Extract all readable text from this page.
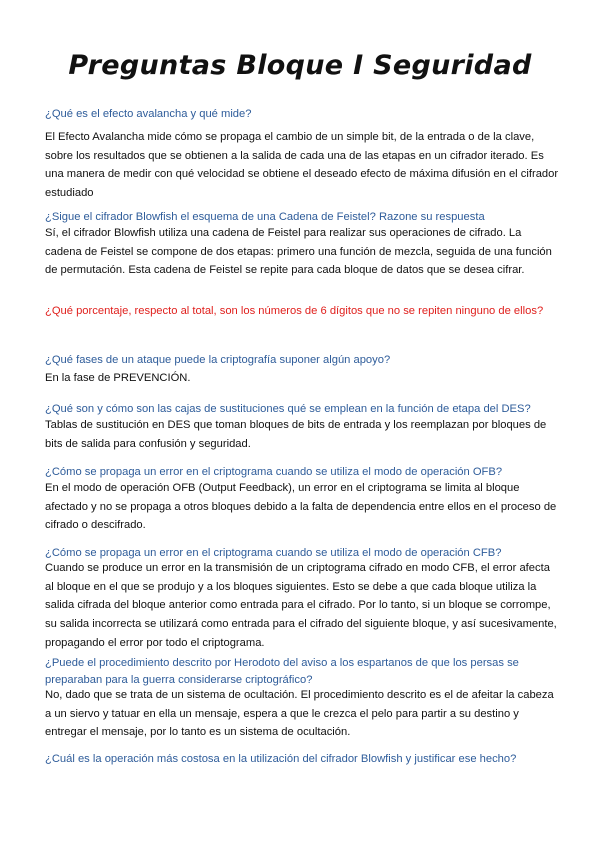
Preguntas Bloque I Seguridad
¿Qué es el efecto avalancha y qué mide?
El Efecto Avalancha mide cómo se propaga el cambio de un simple bit, de la entrada o de la clave, sobre los resultados que se obtienen a la salida de cada una de las etapas en un cifrador iterado. Es una manera de medir con qué velocidad se obtiene el deseado efecto de máxima difusión en el cifrador estudiado
¿Sigue el cifrador Blowfish el esquema de una Cadena de Feistel? Razone su respuesta
Sí, el cifrador Blowfish utiliza una cadena de Feistel para realizar sus operaciones de cifrado. La cadena de Feistel se compone de dos etapas: primero una función de mezcla, seguida de una función de permutación. Esta cadena de Feistel se repite para cada bloque de datos que se desea cifrar.
¿Qué porcentaje, respecto al total, son los números de 6 dígitos que no se repiten ninguno de ellos?
¿Qué fases de un ataque puede la criptografía suponer algún apoyo?
En la fase de PREVENCIÓN.
¿Qué son y cómo son las cajas de sustituciones qué se emplean en la función de etapa del DES?
Tablas de sustitución en DES que toman bloques de bits de entrada y los reemplazan por bloques de bits de salida para confusión y seguridad.
¿Cómo se propaga un error en el criptograma cuando se utiliza el modo de operación OFB?
En el modo de operación OFB (Output Feedback), un error en el criptograma se limita al bloque afectado y no se propaga a otros bloques debido a la falta de dependencia entre ellos en el proceso de cifrado o descifrado.
¿Cómo se propaga un error en el criptograma cuando se utiliza el modo de operación CFB?
Cuando se produce un error en la transmisión de un criptograma cifrado en modo CFB, el error afecta al bloque en el que se produjo y a los bloques siguientes. Esto se debe a que cada bloque utiliza la salida cifrada del bloque anterior como entrada para el cifrado. Por lo tanto, si un bloque se corrompe, su salida incorrecta se utilizará como entrada para el cifrado del siguiente bloque, y así sucesivamente, propagando el error por todo el criptograma.
¿Puede el procedimiento descrito por Herodoto del aviso a los espartanos de que los persas se preparaban para la guerra considerarse criptográfico?
No, dado que se trata de un sistema de ocultación. El procedimiento descrito es el de afeitar la cabeza a un siervo y tatuar en ella un mensaje, espera a que le crezca el pelo para partir a su destino y entregar el mensaje, por lo tanto es un sistema de ocultación.
¿Cuál es la operación más costosa en la utilización del cifrador Blowfish y justificar ese hecho?
